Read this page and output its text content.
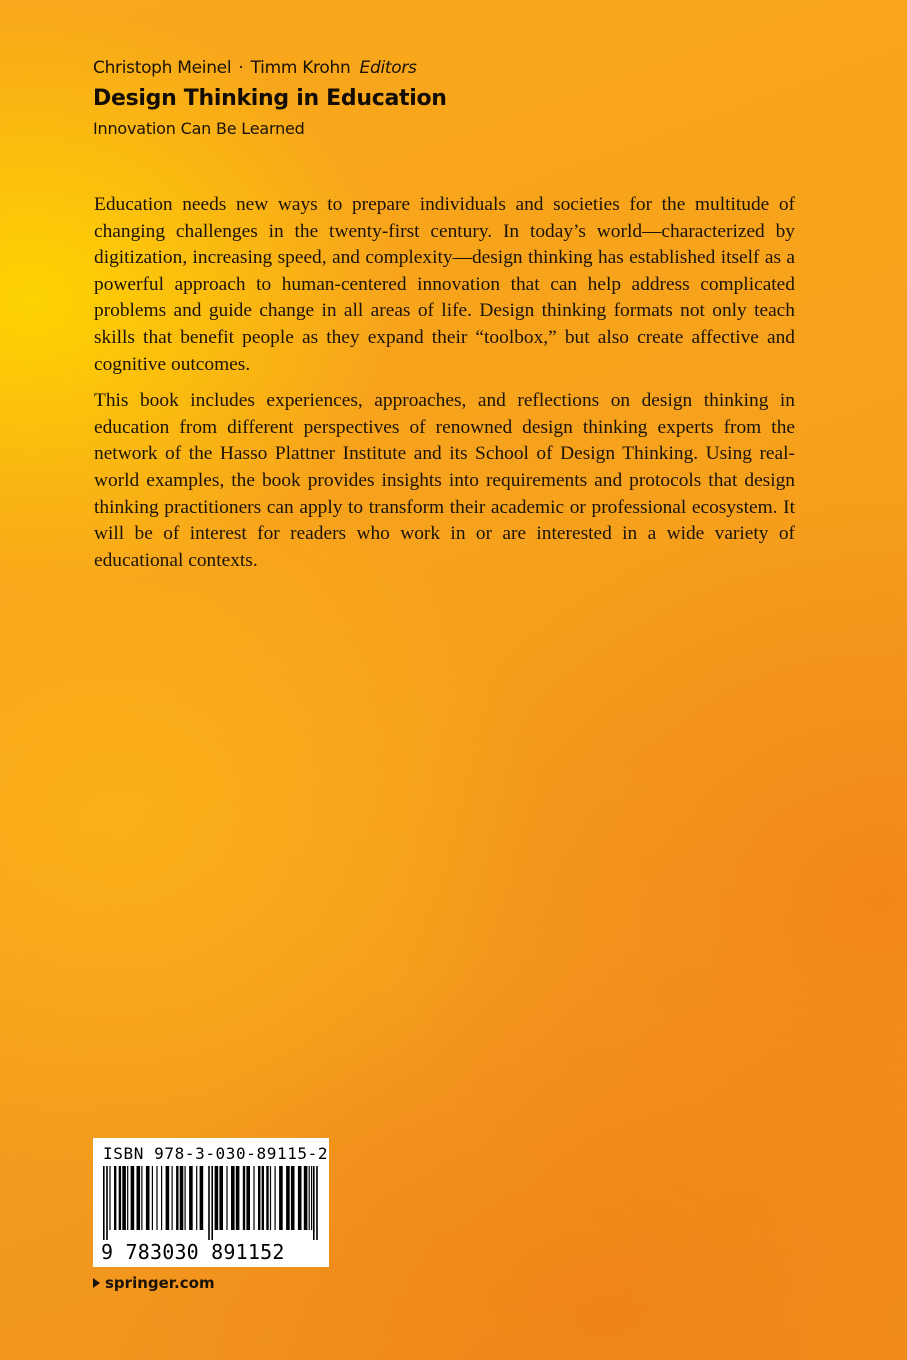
Christoph Meinel · Timm Krohn Editors
Design Thinking in Education
Innovation Can Be Learned

Education needs new ways to prepare individuals and societies for the multitude of changing challenges in the twenty-first century. In today’s world—characterized by digitization, increasing speed, and complexity—design thinking has established itself as a powerful approach to human-centered innovation that can help address complicated problems and guide change in all areas of life. Design thinking formats not only teach skills that benefit people as they expand their “toolbox,” but also create affective and cognitive outcomes.

This book includes experiences, approaches, and reflections on design thinking in education from different perspectives of renowned design thinking experts from the network of the Hasso Plattner Institute and its School of Design Thinking. Using real-world examples, the book provides insights into requirements and protocols that design thinking practitioners can apply to transform their academic or professional ecosystem. It will be of interest for readers who work in or are interested in a wide variety of educational contexts.

ISBN 978-3-030-89115-2
9 783030 891152
springer.com
